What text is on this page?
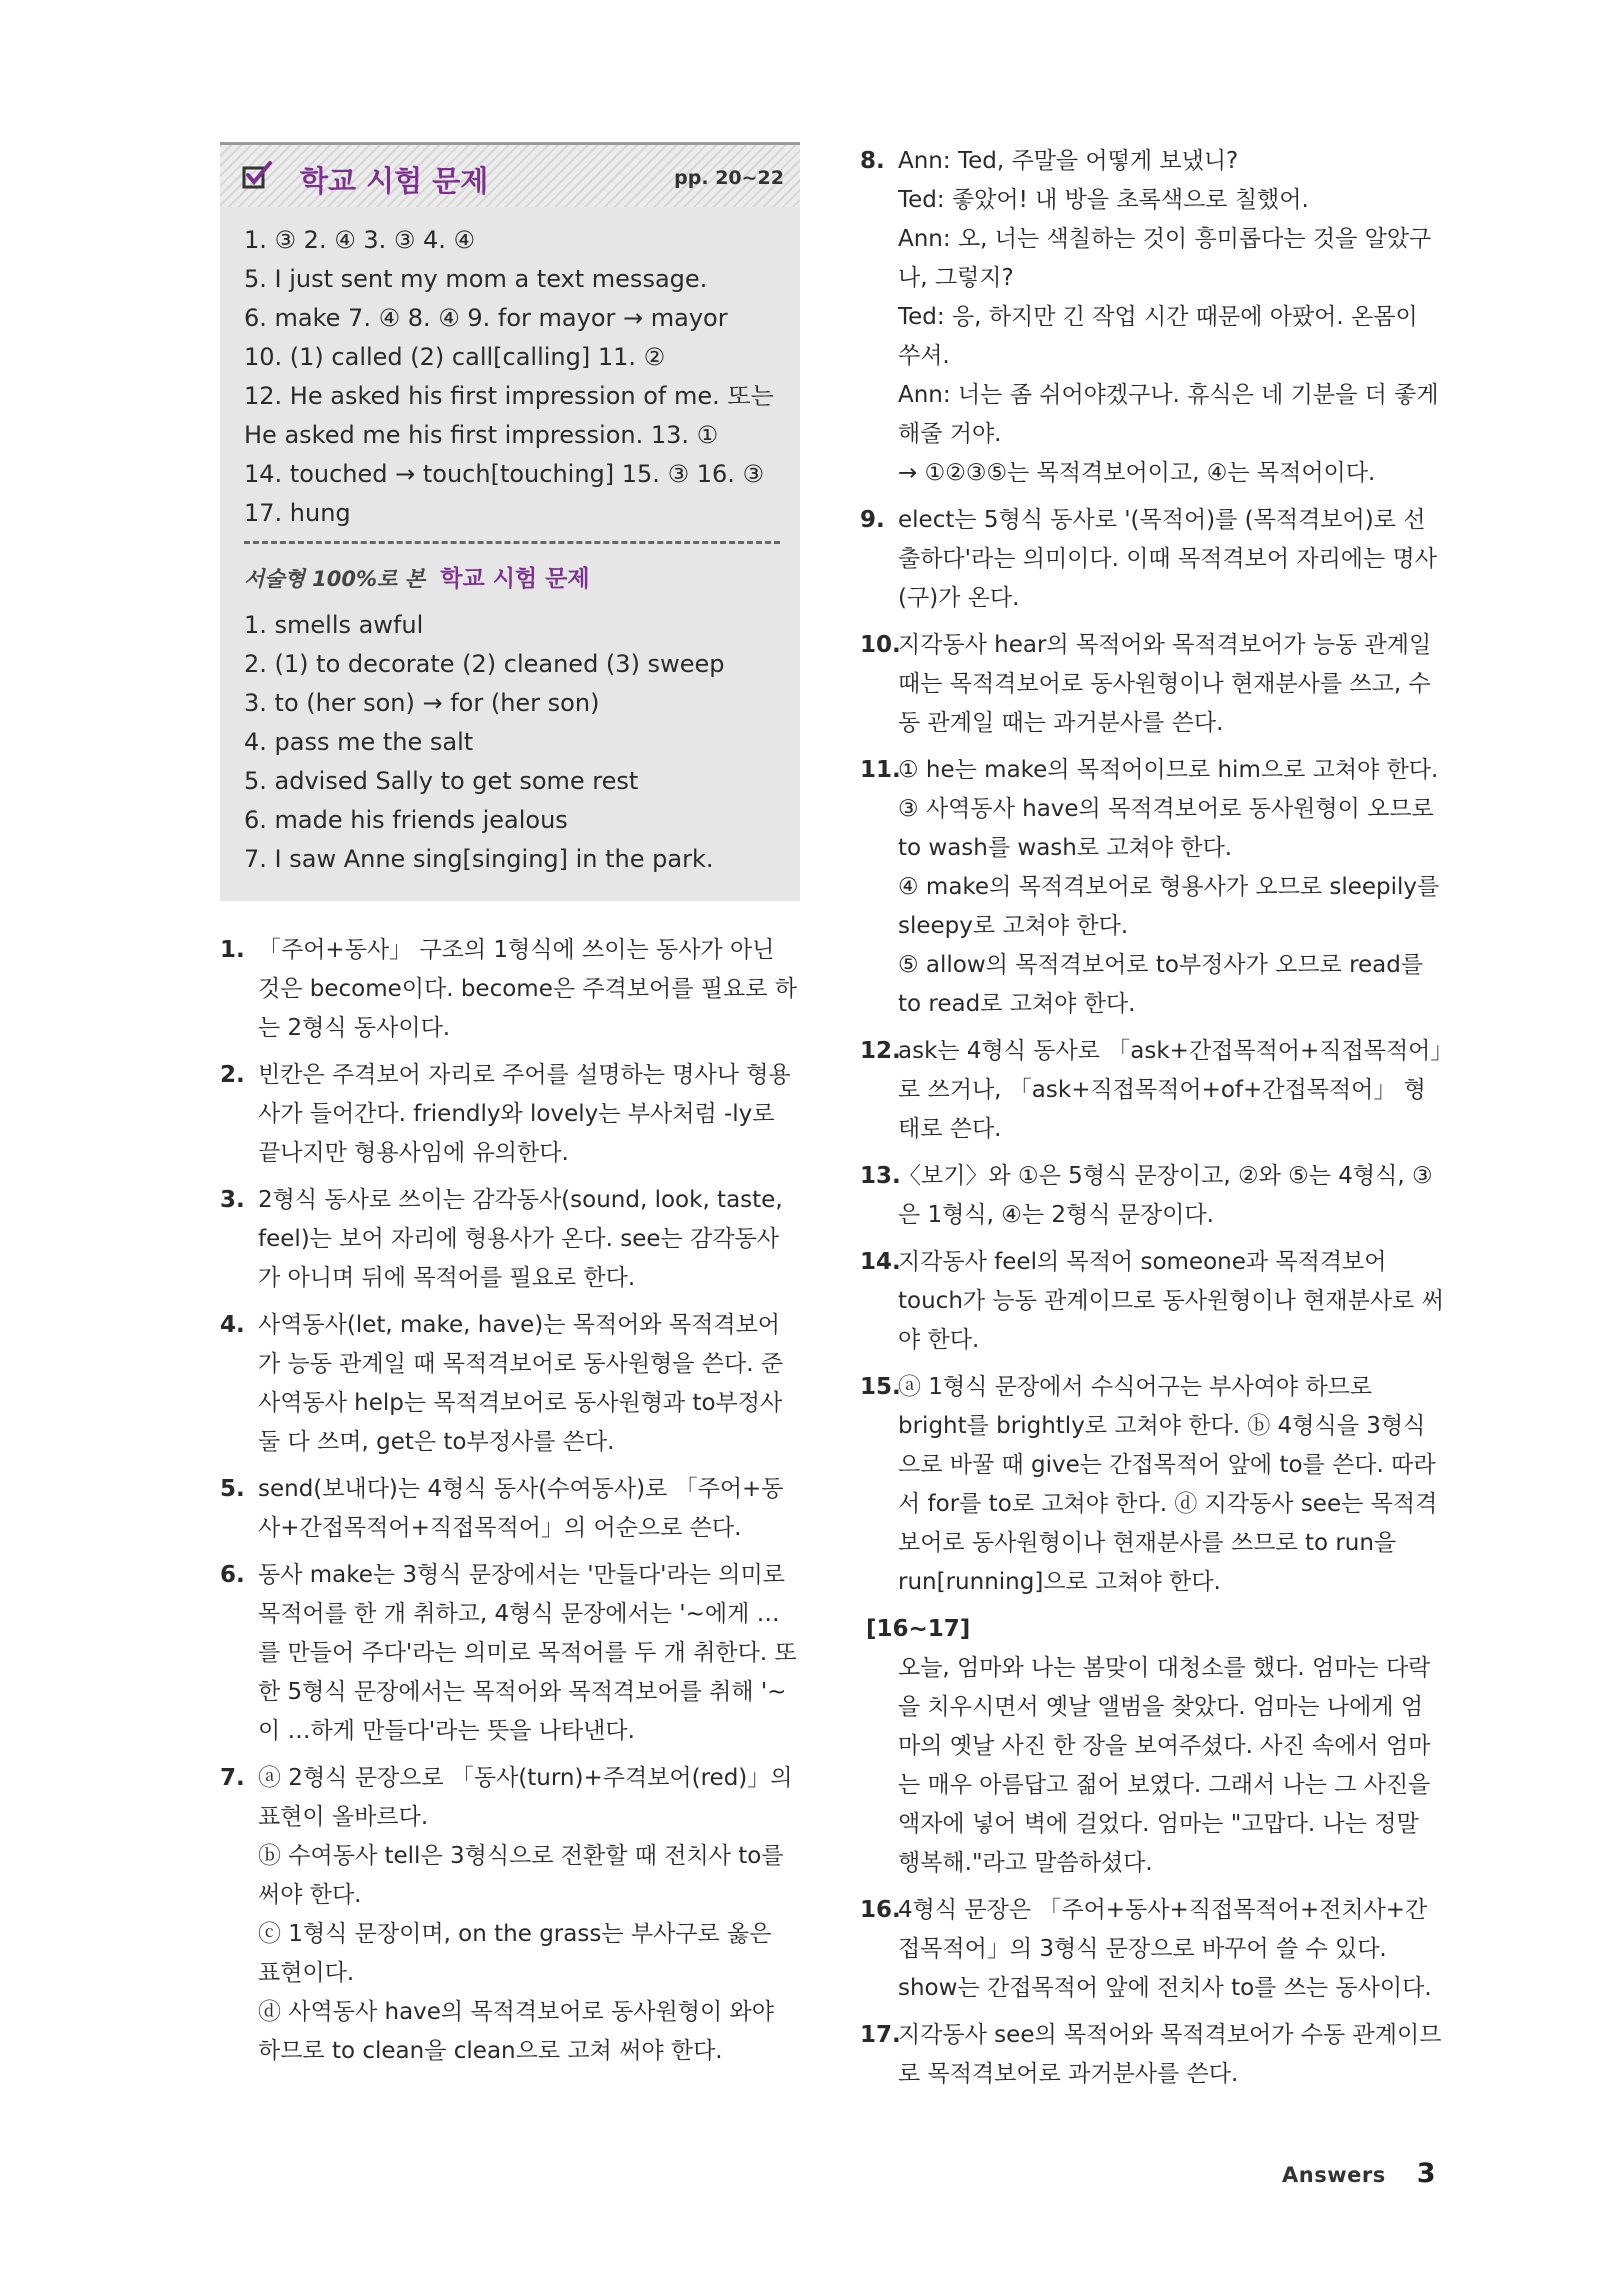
학교 시험 문제	pp. 20~22
1. ③ 2. ④ 3. ③ 4. ④
5. I just sent my mom a text message.
6. make 7. ④ 8. ④ 9. for mayor → mayor
10. (1) called (2) call[calling] 11. ②
12. He asked his first impression of me. 또는
He asked me his first impression. 13. ①
14. touched → touch[touching] 15. ③ 16. ③
17. hung
서술형 100%로 본 학교 시험 문제
1. smells awful
2. (1) to decorate (2) cleaned (3) sweep
3. to (her son) → for (her son)
4. pass me the salt
5. advised Sally to get some rest
6. made his friends jealous
7. I saw Anne sing[singing] in the park.
1. 「주어+동사」 구조의 1형식에 쓰이는 동사가 아닌 것은 become이다. become은 주격보어를 필요로 하는 2형식 동사이다.
2. 빈칸은 주격보어 자리로 주어를 설명하는 명사나 형용사가 들어간다. friendly와 lovely는 부사처럼 -ly로 끝나지만 형용사임에 유의한다.
3. 2형식 동사로 쓰이는 감각동사(sound, look, taste, feel)는 보어 자리에 형용사가 온다. see는 감각동사가 아니며 뒤에 목적어를 필요로 한다.
4. 사역동사(let, make, have)는 목적어와 목적격보어가 능동 관계일 때 목적격보어로 동사원형을 쓴다. 준사역동사 help는 목적격보어로 동사원형과 to부정사 둘 다 쓰며, get은 to부정사를 쓴다.
5. send(보내다)는 4형식 동사(수여동사)로 「주어+동사+간접목적어+직접목적어」의 어순으로 쓴다.
6. 동사 make는 3형식 문장에서는 '만들다'라는 의미로 목적어를 한 개 취하고, 4형식 문장에서는 '~에게 …를 만들어 주다'라는 의미로 목적어를 두 개 취한다. 또한 5형식 문장에서는 목적어와 목적격보어를 취해 '~이 …하게 만들다'라는 뜻을 나타낸다.
7. ⓐ 2형식 문장으로 「동사(turn)+주격보어(red)」의 표현이 올바르다.
ⓑ 수여동사 tell은 3형식으로 전환할 때 전치사 to를 써야 한다.
ⓒ 1형식 문장이며, on the grass는 부사구로 옳은 표현이다.
ⓓ 사역동사 have의 목적격보어로 동사원형이 와야 하므로 to clean을 clean으로 고쳐 써야 한다.
8. Ann: Ted, 주말을 어떻게 보냈니?
Ted: 좋았어! 내 방을 초록색으로 칠했어.
Ann: 오, 너는 색칠하는 것이 흥미롭다는 것을 알았구나, 그렇지?
Ted: 응, 하지만 긴 작업 시간 때문에 아팠어. 온몸이 쑤셔.
Ann: 너는 좀 쉬어야겠구나. 휴식은 네 기분을 더 좋게 해줄 거야.
→ ①②③⑤는 목적격보어이고, ④는 목적어이다.
9. elect는 5형식 동사로 '(목적어)를 (목적격보어)로 선출하다'라는 의미이다. 이때 목적격보어 자리에는 명사(구)가 온다.
10.
지각동사 hear의 목적어와 목적격보어가 능동 관계일 때는 목적격보어로 동사원형이나 현재분사를 쓰고, 수동 관계일 때는 과거분사를 쓴다.
11.
① he는 make의 목적어이므로 him으로 고쳐야 한다.
③ 사역동사 have의 목적격보어로 동사원형이 오므로 to wash를 wash로 고쳐야 한다.
④ make의 목적격보어로 형용사가 오므로 sleepily를 sleepy로 고쳐야 한다.
⑤ allow의 목적격보어로 to부정사가 오므로 read를 to read로 고쳐야 한다.
12.
ask는 4형식 동사로 「ask+간접목적어+직접목적어」로 쓰거나, 「ask+직접목적어+of+간접목적어」 형태로 쓴다.
13.
〈보기〉와 ①은 5형식 문장이고, ②와 ⑤는 4형식, ③은 1형식, ④는 2형식 문장이다.
14.
지각동사 feel의 목적어 someone과 목적격보어 touch가 능동 관계이므로 동사원형이나 현재분사로 써야 한다.
15.
ⓐ 1형식 문장에서 수식어구는 부사여야 하므로 bright를 brightly로 고쳐야 한다. ⓑ 4형식을 3형식으로 바꿀 때 give는 간접목적어 앞에 to를 쓴다. 따라서 for를 to로 고쳐야 한다. ⓓ 지각동사 see는 목적격보어로 동사원형이나 현재분사를 쓰므로 to run을 run[running]으로 고쳐야 한다.
[16~17]
오늘, 엄마와 나는 봄맞이 대청소를 했다. 엄마는 다락을 치우시면서 옛날 앨범을 찾았다. 엄마는 나에게 엄마의 옛날 사진 한 장을 보여주셨다. 사진 속에서 엄마는 매우 아름답고 젊어 보였다. 그래서 나는 그 사진을 액자에 넣어 벽에 걸었다. 엄마는 "고맙다. 나는 정말 행복해."라고 말씀하셨다.
16.
4형식 문장은 「주어+동사+직접목적어+전치사+간접목적어」의 3형식 문장으로 바꾸어 쓸 수 있다. show는 간접목적어 앞에 전치사 to를 쓰는 동사이다.
17.
지각동사 see의 목적어와 목적격보어가 수동 관계이므로 목적격보어로 과거분사를 쓴다.
Answers 3
